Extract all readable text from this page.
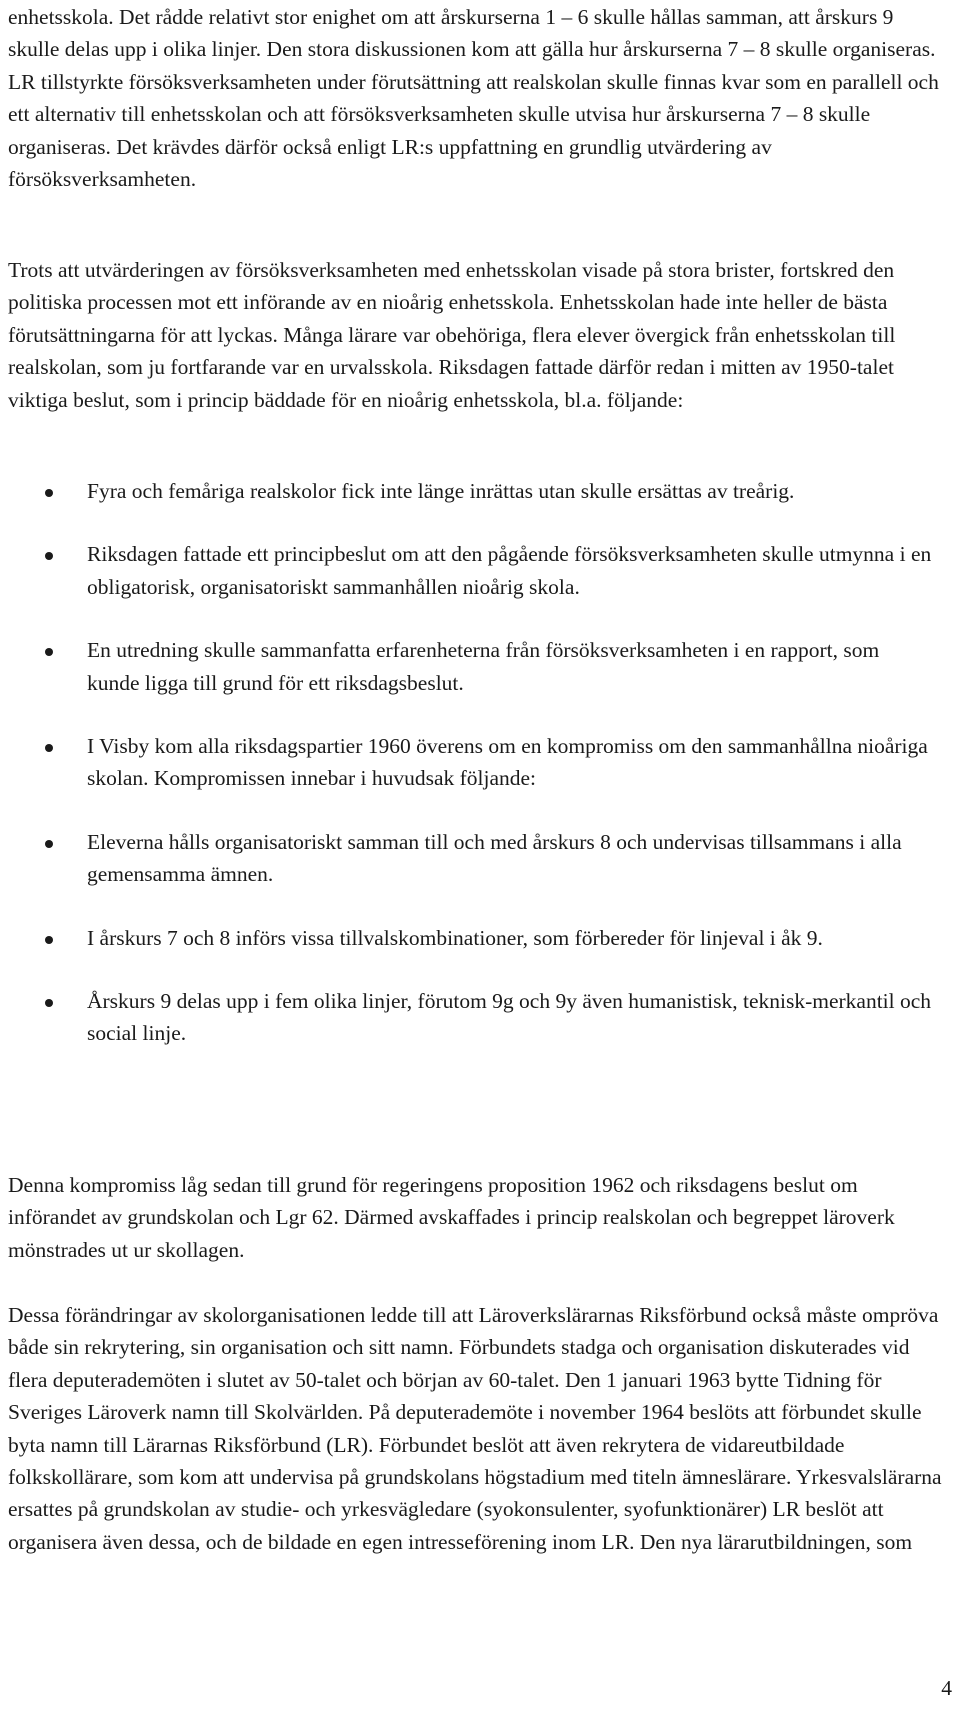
enhetsskola. Det rådde relativt stor enighet om att årskurserna 1 – 6 skulle hållas samman, att årskurs 9 skulle delas upp i olika linjer. Den stora diskussionen kom att gälla hur årskurserna 7 – 8 skulle organiseras. LR tillstyrkte försöksverksamheten under förutsättning att realskolan skulle finnas kvar som en parallell och ett alternativ till enhetsskolan och att försöksverksamheten skulle utvisa hur årskurserna 7 – 8 skulle organiseras. Det krävdes därför också enligt LR:s uppfattning en grundlig utvärdering av försöksverksamheten.

Trots att utvärderingen av försöksverksamheten med enhetsskolan visade på stora brister, fortskred den politiska processen mot ett införande av en nioårig enhetsskola. Enhetsskolan hade inte heller de bästa förutsättningarna för att lyckas. Många lärare var obehöriga, flera elever övergick från enhetsskolan till realskolan, som ju fortfarande var en urvalsskola. Riksdagen fattade därför redan i mitten av 1950-talet viktiga beslut, som i princip bäddade för en nioårig enhetsskola, bl.a. följande:

Fyra och femåriga realskolor fick inte länge inrättas utan skulle ersättas av treårig.
Riksdagen fattade ett principbeslut om att den pågående försöksverksamheten skulle utmynna i en obligatorisk, organisatoriskt sammanhållen nioårig skola.
En utredning skulle sammanfatta erfarenheterna från försöksverksamheten i en rapport, som kunde ligga till grund för ett riksdagsbeslut.
I Visby kom alla riksdagspartier 1960 överens om en kompromiss om den sammanhållna nioåriga skolan. Kompromissen innebar i huvudsak följande:
Eleverna hålls organisatoriskt samman till och med årskurs 8 och undervisas tillsammans i alla gemensamma ämnen.
I årskurs 7 och 8 införs vissa tillvalskombinationer, som förbereder för linjeval i åk 9.
Årskurs 9 delas upp i fem olika linjer, förutom 9g och 9y även humanistisk, teknisk-merkantil och social linje.

Denna kompromiss låg sedan till grund för regeringens proposition 1962 och riksdagens beslut om införandet av grundskolan och Lgr 62. Därmed avskaffades i princip realskolan och begreppet läroverk mönstrades ut ur skollagen.

Dessa förändringar av skolorganisationen ledde till att Läroverkslärarnas Riksförbund också måste ompröva både sin rekrytering, sin organisation och sitt namn. Förbundets stadga och organisation diskuterades vid flera deputerademöten i slutet av 50-talet och början av 60-talet. Den 1 januari 1963 bytte Tidning för Sveriges Läroverk namn till Skolvärlden. På deputerademöte i november 1964 beslöts att förbundet skulle byta namn till Lärarnas Riksförbund (LR). Förbundet beslöt att även rekrytera de vidareutbildade folkskollärare, som kom att undervisa på grundskolans högstadium med titeln ämneslärare. Yrkesvalslärarna ersattes på grundskolan av studie- och yrkesvägledare (syokonsulenter, syofunktionärer) LR beslöt att organisera även dessa, och de bildade en egen intresseförening inom LR. Den nya lärarutbildningen, som

4
